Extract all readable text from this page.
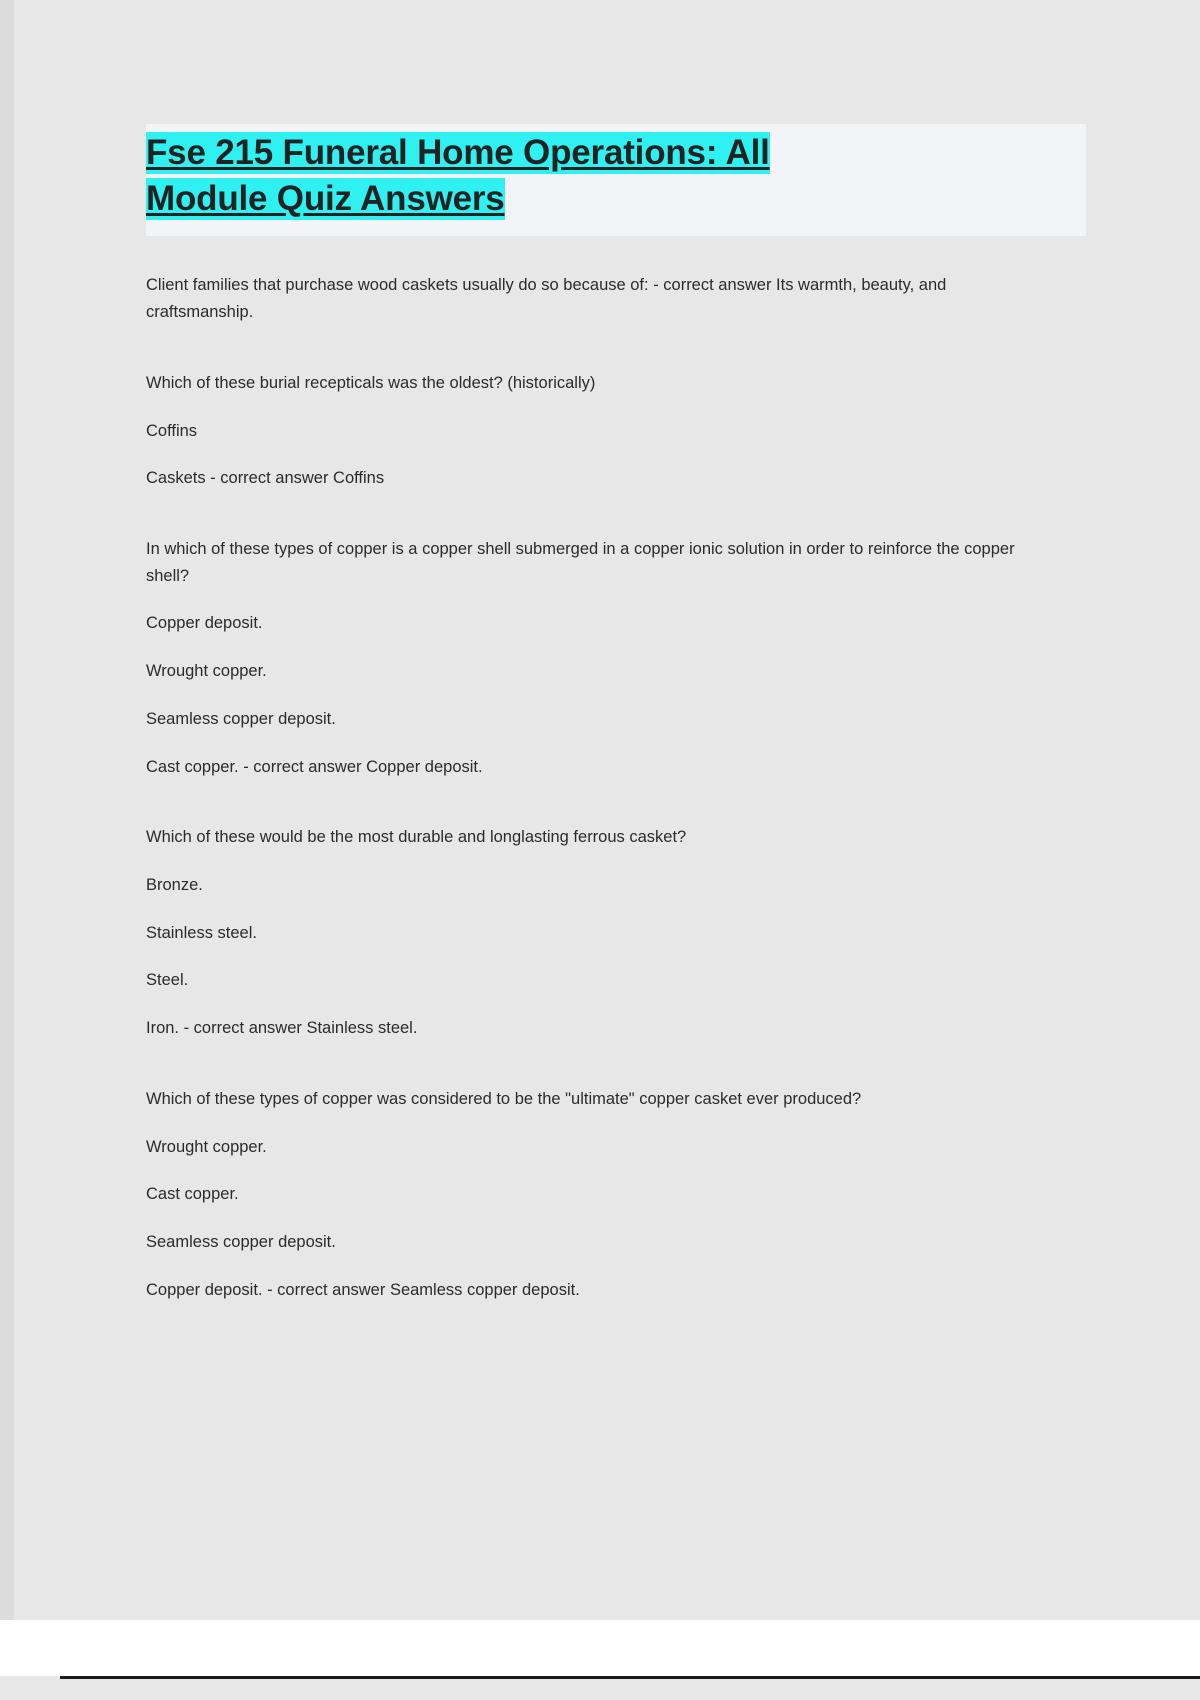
Fse 215 Funeral Home Operations: All
Module Quiz Answers

Client families that purchase wood caskets usually do so because of: - correct answer Its warmth, beauty, and craftsmanship.

Which of these burial recepticals was the oldest? (historically)

Coffins

Caskets - correct answer Coffins

In which of these types of copper is a copper shell submerged in a copper ionic solution in order to reinforce the copper shell?

Copper deposit.

Wrought copper.

Seamless copper deposit.

Cast copper. - correct answer Copper deposit.

Which of these would be the most durable and longlasting ferrous casket?

Bronze.

Stainless steel.

Steel.

Iron. - correct answer Stainless steel.

Which of these types of copper was considered to be the "ultimate" copper casket ever produced?

Wrought copper.

Cast copper.

Seamless copper deposit.

Copper deposit. - correct answer Seamless copper deposit.
